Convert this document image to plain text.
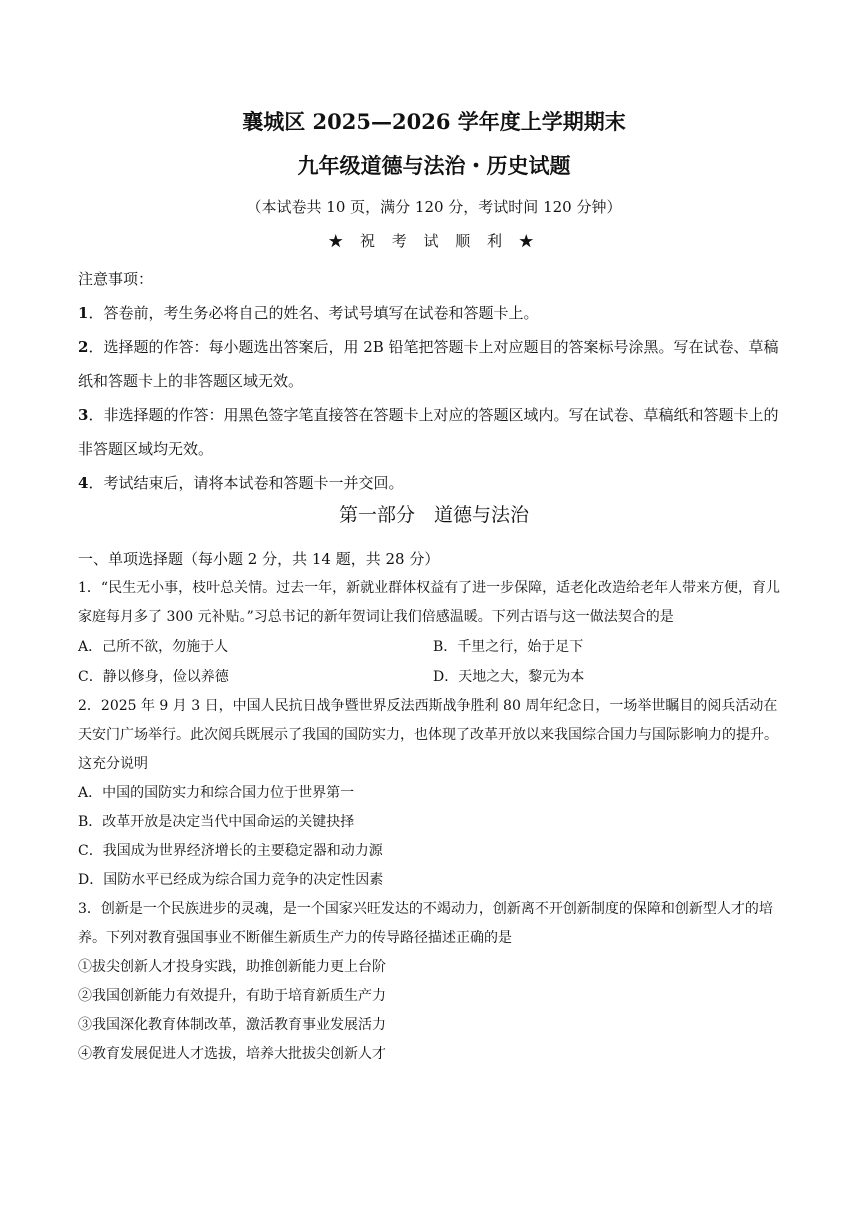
襄城区 2025—2026 学年度上学期期末
九年级道德与法治・历史试题
（本试卷共 10 页，满分 120 分，考试时间 120 分钟）
★ 祝 考 试 顺 利 ★

注意事项：

1．答卷前，考生务必将自己的姓名、考试号填写在试卷和答题卡上。

2．选择题的作答：每小题选出答案后，用 2B 铅笔把答题卡上对应题目的答案标号涂黑。写在试卷、草稿纸和答题卡上的非答题区域无效。

3．非选择题的作答：用黑色签字笔直接答在答题卡上对应的答题区域内。写在试卷、草稿纸和答题卡上的非答题区域均无效。

4．考试结束后，请将本试卷和答题卡一并交回。

一、单项选择题（每小题 2 分，共 14 题，共 28 分）

1．“民生无小事，枝叶总关情。过去一年，新就业群体权益有了进一步保障，适老化改造给老年人带来方便，育儿家庭每月多了 300 元补贴。”习总书记的新年贺词让我们倍感温暖。下列古语与这一做法契合的是

A．己所不欲，勿施于人	B．千里之行，始于足下
C．静以修身，俭以养德	D．天地之大，黎元为本

2．2025 年 9 月 3 日，中国人民抗日战争暨世界反法西斯战争胜利 80 周年纪念日，一场举世瞩目的阅兵活动在天安门广场举行。此次阅兵既展示了我国的国防实力，也体现了改革开放以来我国综合国力与国际影响力的提升。这充分说明

A．中国的国防实力和综合国力位于世界第一

B．改革开放是决定当代中国命运的关键抉择

C．我国成为世界经济增长的主要稳定器和动力源

D．国防水平已经成为综合国力竞争的决定性因素

3．创新是一个民族进步的灵魂，是一个国家兴旺发达的不竭动力，创新离不开创新制度的保障和创新型人才的培养。下列对教育强国事业不断催生新质生产力的传导路径描述正确的是

①拔尖创新人才投身实践，助推创新能力更上台阶

②我国创新能力有效提升，有助于培育新质生产力

③我国深化教育体制改革，激活教育事业发展活力

④教育发展促进人才选拔，培养大批拔尖创新人才

第一部分　道德与法治
